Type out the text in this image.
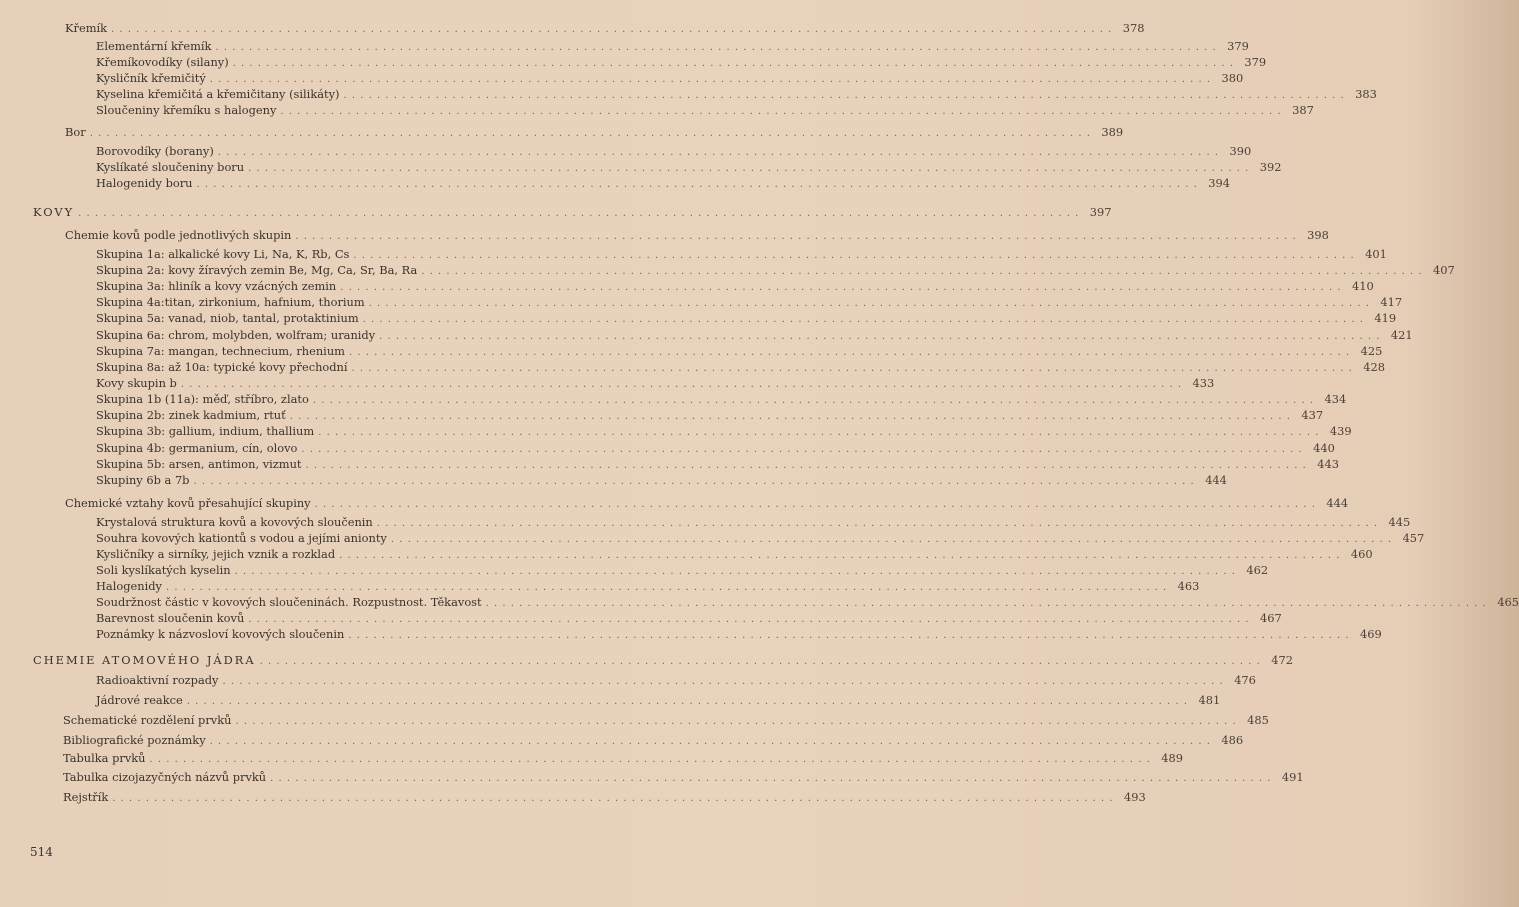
Křemík ........................................................................................................................ 378
Elementární křemík ........................................................................................................................ 379
Křemíkovodíky (silany) ........................................................................................................................ 379
Kysličník křemičitý ........................................................................................................................ 380
Kyselina křemičitá a křemičitany (silikáty) ........................................................................................................................ 383
Sloučeniny křemíku s halogeny ........................................................................................................................ 387
Bor ........................................................................................................................ 389
Borovodíky (borany) ........................................................................................................................ 390
Kyslíkaté sloučeniny boru ........................................................................................................................ 392
Halogenidy boru ........................................................................................................................ 394
KOVY ........................................................................................................................ 397
Chemie kovů podle jednotlivých skupin ........................................................................................................................ 398
Skupina 1a: alkalické kovy Li, Na, K, Rb, Cs ........................................................................................................................ 401
Skupina 2a: kovy žíravých zemin Be, Mg, Ca, Sr, Ba, Ra ........................................................................................................................ 407
Skupina 3a: hliník a kovy vzácných zemin ........................................................................................................................ 410
Skupina 4a:titan, zirkonium, hafnium, thorium ........................................................................................................................ 417
Skupina 5a: vanad, niob, tantal, protaktinium ........................................................................................................................ 419
Skupina 6a: chrom, molybden, wolfram; uranidy ........................................................................................................................ 421
Skupina 7a: mangan, technecium, rhenium ........................................................................................................................ 425
Skupina 8a: až 10a: typické kovy přechodní ........................................................................................................................ 428
Kovy skupin b ........................................................................................................................ 433
Skupina 1b (11a): měď, stříbro, zlato ........................................................................................................................ 434
Skupina 2b: zinek kadmium, rtuť ........................................................................................................................ 437
Skupina 3b: gallium, indium, thallium ........................................................................................................................ 439
Skupina 4b: germanium, cín, olovo ........................................................................................................................ 440
Skupina 5b: arsen, antimon, vizmut ........................................................................................................................ 443
Skupiny 6b a 7b ........................................................................................................................ 444
Chemické vztahy kovů přesahující skupiny ........................................................................................................................ 444
Krystalová struktura kovů a kovových sloučenin ........................................................................................................................ 445
Souhra kovových kationtů s vodou a jejími anionty ........................................................................................................................ 457
Kysličníky a sirníky, jejich vznik a rozklad ........................................................................................................................ 460
Soli kyslíkatých kyselin ........................................................................................................................ 462
Halogenidy ........................................................................................................................ 463
Soudržnost částic v kovových sloučeninách. Rozpustnost. Těkavost ........................................................................................................................ 465
Barevnost sloučenin kovů ........................................................................................................................ 467
Poznámky k názvosloví kovových sloučenin ........................................................................................................................ 469
CHEMIE ATOMOVÉHO JÁDRA ........................................................................................................................ 472
Radioaktivní rozpady ........................................................................................................................ 476
Jádrové reakce ........................................................................................................................ 481
Schematické rozdělení prvků ........................................................................................................................ 485
Bibliografické poznámky ........................................................................................................................ 486
Tabulka prvků ........................................................................................................................ 489
Tabulka cizojazyčných názvů prvků ........................................................................................................................ 491
Rejstřík ........................................................................................................................ 493
514
